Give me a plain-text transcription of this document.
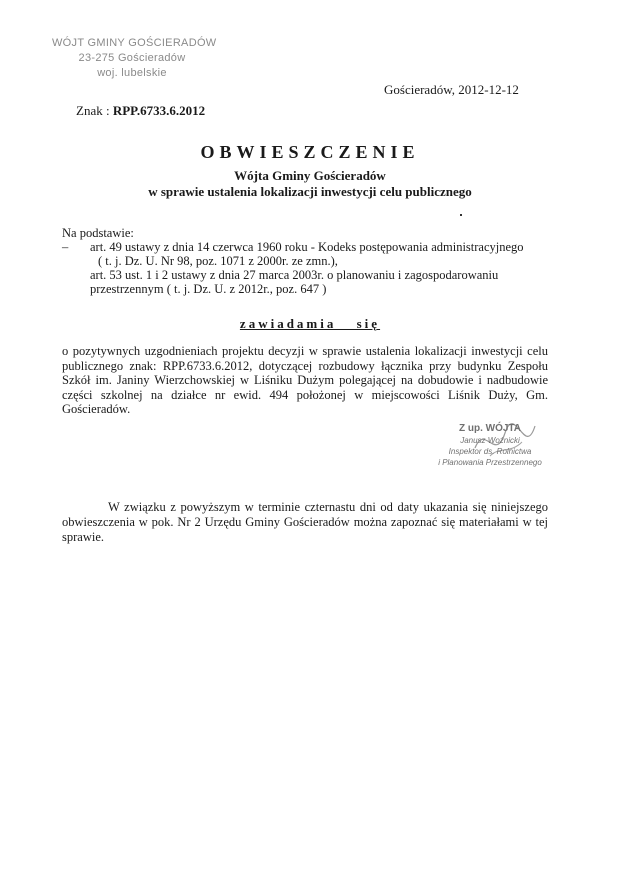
WÓJT GMINY GOŚCIERADÓW
23-275 Gościeradów
woj. lubelskie
Gościeradów, 2012-12-12
Znak : RPP.6733.6.2012
OBWIESZCZENIE
Wójta Gminy Gościeradów
w sprawie ustalenia lokalizacji inwestycji celu publicznego
Na podstawie:
– art. 49 ustawy z dnia 14 czerwca 1960 roku - Kodeks postępowania administracyjnego
( t. j. Dz. U. Nr 98, poz. 1071 z 2000r. ze zmn.),
art. 53 ust. 1 i 2 ustawy z dnia 27 marca 2003r. o planowaniu i zagospodarowaniu
przestrzennym ( t. j. Dz. U. z 2012r., poz. 647 )
zawiadamia się
o pozytywnych uzgodnieniach projektu decyzji w sprawie ustalenia lokalizacji inwestycji celu publicznego znak: RPP.6733.6.2012, dotyczącej rozbudowy łącznika przy budynku Zespołu Szkół im. Janiny Wierzchowskiej w Liśniku Dużym polegającej na dobudowie i nadbudowie części szkolnej na działce nr ewid. 494 położonej w miejscowości Liśnik Duży, Gm. Gościeradów.
Z up. WÓJTA
Janusz Woźnicki
Inspektor ds. Rolnictwa
i Planowania Przestrzennego
W związku z powyższym w terminie czternastu dni od daty ukazania się niniejszego obwieszczenia w pok. Nr 2 Urzędu Gminy Gościeradów można zapoznać się materiałami w tej sprawie.
